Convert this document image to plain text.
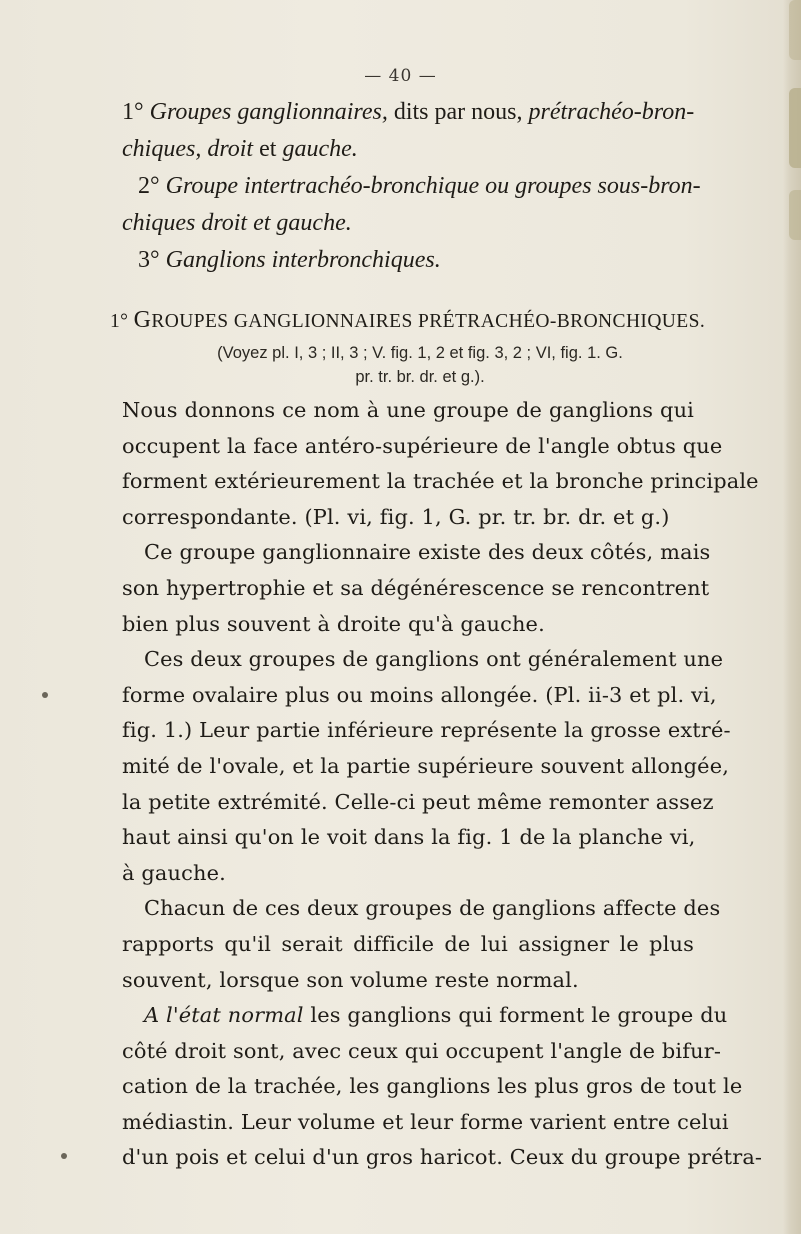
— 40 —

1° Groupes ganglionnaires, dits par nous, prétrachéo-bron-

chiques, droit et gauche.

2° Groupe intertrachéo-bronchique ou groupes sous-bron-

chiques droit et gauche.

3° Ganglions interbronchiques.

1° GROUPES GANGLIONNAIRES PRÉTRACHÉO-BRONCHIQUES.
(Voyez pl. I, 3 ; II, 3 ; V. fig. 1, 2 et fig. 3, 2 ; VI, fig. 1. G.
pr. tr. br. dr. et g.).
Nous donnons ce nom à une groupe de ganglions qui
occupent la face antéro-supérieure de l'angle obtus que
forment extérieurement la trachée et la bronche principale
correspondante. (Pl. vi, fig. 1, G. pr. tr. br. dr. et g.)
Ce groupe ganglionnaire existe des deux côtés, mais
son hypertrophie et sa dégénérescence se rencontrent
bien plus souvent à droite qu'à gauche.
Ces deux groupes de ganglions ont généralement une
forme ovalaire plus ou moins allongée. (Pl. ii-3 et pl. vi,
fig. 1.) Leur partie inférieure représente la grosse extré-
mité de l'ovale, et la partie supérieure souvent allongée,
la petite extrémité. Celle-ci peut même remonter assez
haut ainsi qu'on le voit dans la fig. 1 de la planche vi,
à gauche.
Chacun de ces deux groupes de ganglions affecte des
rapports qu'il serait difficile de lui assigner le plus
souvent, lorsque son volume reste normal.
A l'état normal les ganglions qui forment le groupe du
côté droit sont, avec ceux qui occupent l'angle de bifur-
cation de la trachée, les ganglions les plus gros de tout le
médiastin. Leur volume et leur forme varient entre celui
d'un pois et celui d'un gros haricot. Ceux du groupe prétra-
